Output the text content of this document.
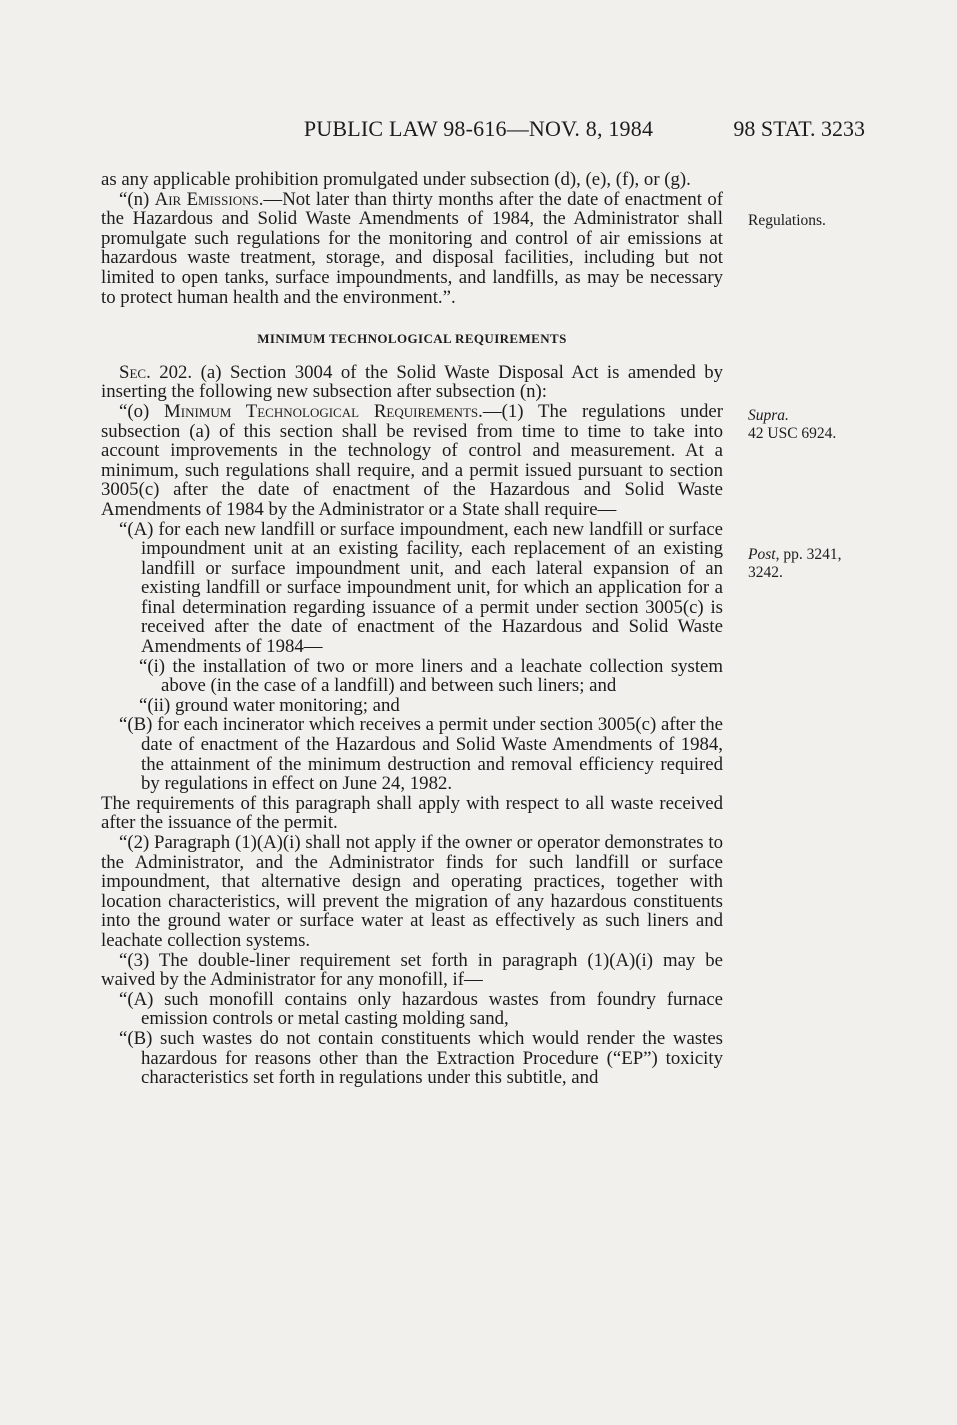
PUBLIC LAW 98-616—NOV. 8, 1984	98 STAT. 3233
Regulations.
Supra.
42 USC 6924.
Post, pp. 3241,
3242.

as any applicable prohibition promulgated under subsection (d), (e), (f), or (g).

“(n) Air Emissions.—Not later than thirty months after the date of enactment of the Hazardous and Solid Waste Amendments of 1984, the Administrator shall promulgate such regulations for the monitoring and control of air emissions at hazardous waste treatment, storage, and disposal facilities, including but not limited to open tanks, surface impoundments, and landfills, as may be necessary to protect human health and the environment.”.

MINIMUM TECHNOLOGICAL REQUIREMENTS

Sec. 202. (a) Section 3004 of the Solid Waste Disposal Act is amended by inserting the following new subsection after subsection (n):

“(o) Minimum Technological Requirements.—(1) The regulations under subsection (a) of this section shall be revised from time to time to take into account improvements in the technology of control and measurement. At a minimum, such regulations shall require, and a permit issued pursuant to section 3005(c) after the date of enactment of the Hazardous and Solid Waste Amendments of 1984 by the Administrator or a State shall require—

“(A) for each new landfill or surface impoundment, each new landfill or surface impoundment unit at an existing facility, each replacement of an existing landfill or surface impoundment unit, and each lateral expansion of an existing landfill or surface impoundment unit, for which an application for a final determination regarding issuance of a permit under section 3005(c) is received after the date of enactment of the Hazardous and Solid Waste Amendments of 1984—

“(i) the installation of two or more liners and a leachate collection system above (in the case of a landfill) and between such liners; and

“(ii) ground water monitoring; and

“(B) for each incinerator which receives a permit under section 3005(c) after the date of enactment of the Hazardous and Solid Waste Amendments of 1984, the attainment of the minimum destruction and removal efficiency required by regulations in effect on June 24, 1982.

The requirements of this paragraph shall apply with respect to all waste received after the issuance of the permit.

“(2) Paragraph (1)(A)(i) shall not apply if the owner or operator demonstrates to the Administrator, and the Administrator finds for such landfill or surface impoundment, that alternative design and operating practices, together with location characteristics, will prevent the migration of any hazardous constituents into the ground water or surface water at least as effectively as such liners and leachate collection systems.

“(3) The double-liner requirement set forth in paragraph (1)(A)(i) may be waived by the Administrator for any monofill, if—

“(A) such monofill contains only hazardous wastes from foundry furnace emission controls or metal casting molding sand,

“(B) such wastes do not contain constituents which would render the wastes hazardous for reasons other than the Extraction Procedure (“EP”) toxicity characteristics set forth in regulations under this subtitle, and
